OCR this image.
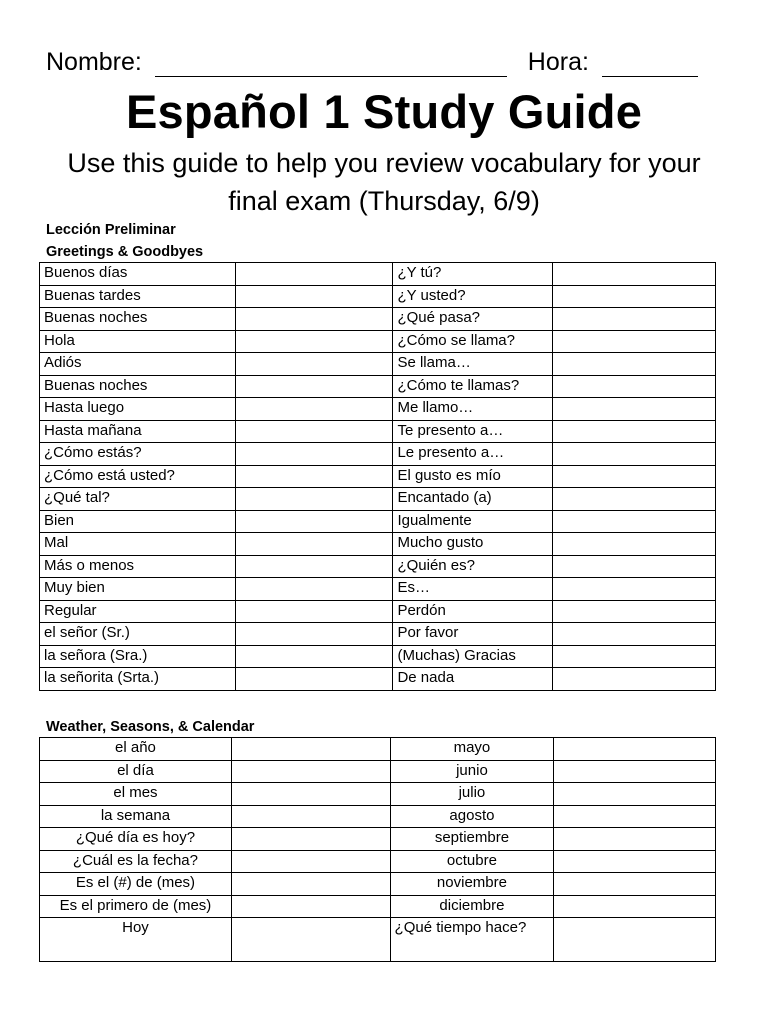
Nombre:	Hora:
Español 1 Study Guide
Use this guide to help you review vocabulary for your final exam (Thursday, 6/9)
Lección Preliminar
Greetings & Goodbyes
Buenos días		¿Y tú?	
Buenas tardes		¿Y usted?	
Buenas noches		¿Qué pasa?	
Hola		¿Cómo se llama?	
Adiós		Se llama…	
Buenas noches		¿Cómo te llamas?	
Hasta luego		Me llamo…	
Hasta mañana		Te presento a…	
¿Cómo estás?		Le presento a…	
¿Cómo está usted?		El gusto es mío	
¿Qué tal?		Encantado (a)	
Bien		Igualmente	
Mal		Mucho gusto	
Más o menos		¿Quién es?	
Muy bien		Es…	
Regular		Perdón	
el señor (Sr.)		Por favor	
la señora (Sra.)		(Muchas) Gracias	
la señorita (Srta.)		De nada	
Weather, Seasons, & Calendar
el año		mayo	
el día		junio	
el mes		julio	
la semana		agosto	
¿Qué día es hoy?		septiembre	
¿Cuál es la fecha?		octubre	
Es el (#) de (mes)		noviembre	
Es el primero de (mes)		diciembre	
Hoy		¿Qué tiempo hace?	
